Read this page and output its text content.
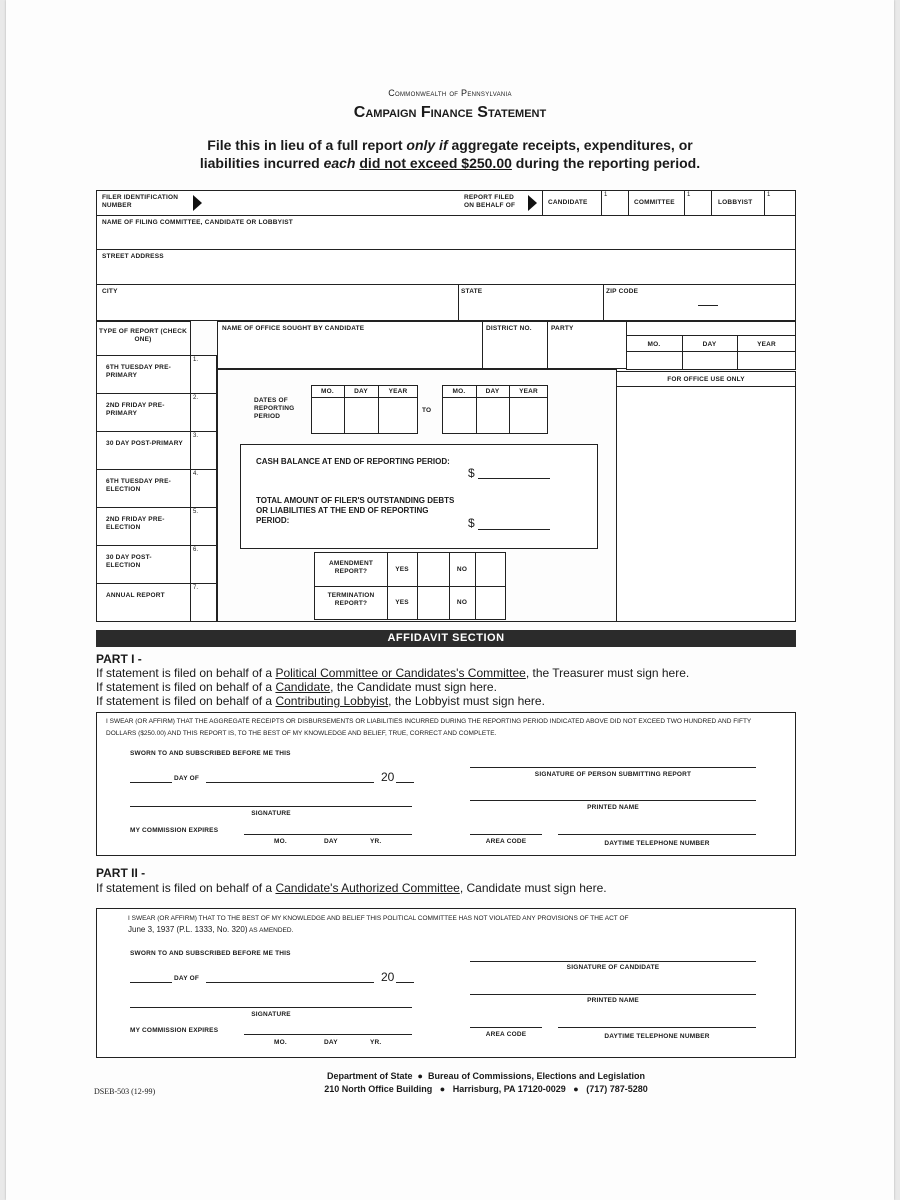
Commonwealth of Pennsylvania
Campaign Finance Statement
File this in lieu of a full report only if aggregate receipts, expenditures, or
liabilities incurred each did not exceed $250.00 during the reporting period.
FILER IDENTIFICATION NUMBER
REPORT FILED ON BEHALF OF	CANDIDATE
1
COMMITTEE
1
LOBBYIST
1
NAME OF FILING COMMITTEE, CANDIDATE OR LOBBYIST
STREET ADDRESS
CITY	STATE	ZIP CODE
TYPE OF REPORT (CHECK ONE)
6TH TUESDAY PRE-PRIMARY
1.
2ND FRIDAY PRE-PRIMARY
2.
30 DAY POST-PRIMARY
3.
6TH TUESDAY PRE-ELECTION
4.
2ND FRIDAY PRE-ELECTION
5.
30 DAY POST-ELECTION
6.
ANNUAL REPORT
7.
NAME OF OFFICE SOUGHT BY CANDIDATE	DISTRICT NO.	PARTY	DATE OF ELECTION
MO.	DAY	YEAR
FOR OFFICE USE ONLY
DATES OF REPORTING PERIOD
MO.	DAY	YEAR
TO
MO.	DAY	YEAR
CASH BALANCE AT END OF REPORTING PERIOD:
$
TOTAL AMOUNT OF FILER'S OUTSTANDING DEBTS OR LIABILITIES AT THE END OF REPORTING PERIOD:	$
AMENDMENT REPORT?	YES	NO
TERMINATION REPORT?	YES	NO
AFFIDAVIT SECTION
PART I -
If statement is filed on behalf of a Political Committee or Candidates's Committee, the Treasurer must sign here.
If statement is filed on behalf of a Candidate, the Candidate must sign here.
If statement is filed on behalf of a Contributing Lobbyist, the Lobbyist must sign here.
I SWEAR (OR AFFIRM) THAT THE AGGREGATE RECEIPTS OR DISBURSEMENTS OR LIABILITIES INCURRED DURING THE REPORTING PERIOD INDICATED ABOVE DID NOT EXCEED TWO HUNDRED AND FIFTY DOLLARS ($250.00) AND THIS REPORT IS, TO THE BEST OF MY KNOWLEDGE AND BELIEF, TRUE, CORRECT AND COMPLETE.
SWORN TO AND SUBSCRIBED BEFORE ME THIS
DAY OF	20
SIGNATURE
MY COMMISSION EXPIRES
MO.	DAY	YR.
SIGNATURE OF PERSON SUBMITTING REPORT
PRINTED NAME
AREA CODE	DAYTIME TELEPHONE NUMBER
PART II -
If statement is filed on behalf of a Candidate's Authorized Committee, Candidate must sign here.
I SWEAR (OR AFFIRM) THAT TO THE BEST OF MY KNOWLEDGE AND BELIEF THIS POLITICAL COMMITTEE HAS NOT VIOLATED ANY PROVISIONS OF THE ACT OF
June 3, 1937 (P.L. 1333, No. 320) AS AMENDED.
SWORN TO AND SUBSCRIBED BEFORE ME THIS
DAY OF	20
SIGNATURE
MY COMMISSION EXPIRES
MO.	DAY	YR.
SIGNATURE OF CANDIDATE
PRINTED NAME
AREA CODE	DAYTIME TELEPHONE NUMBER
DSEB-503 (12-99)
Department of State ● Bureau of Commissions, Elections and Legislation
210 North Office Building ● Harrisburg, PA 17120-0029 ● (717) 787-5280
